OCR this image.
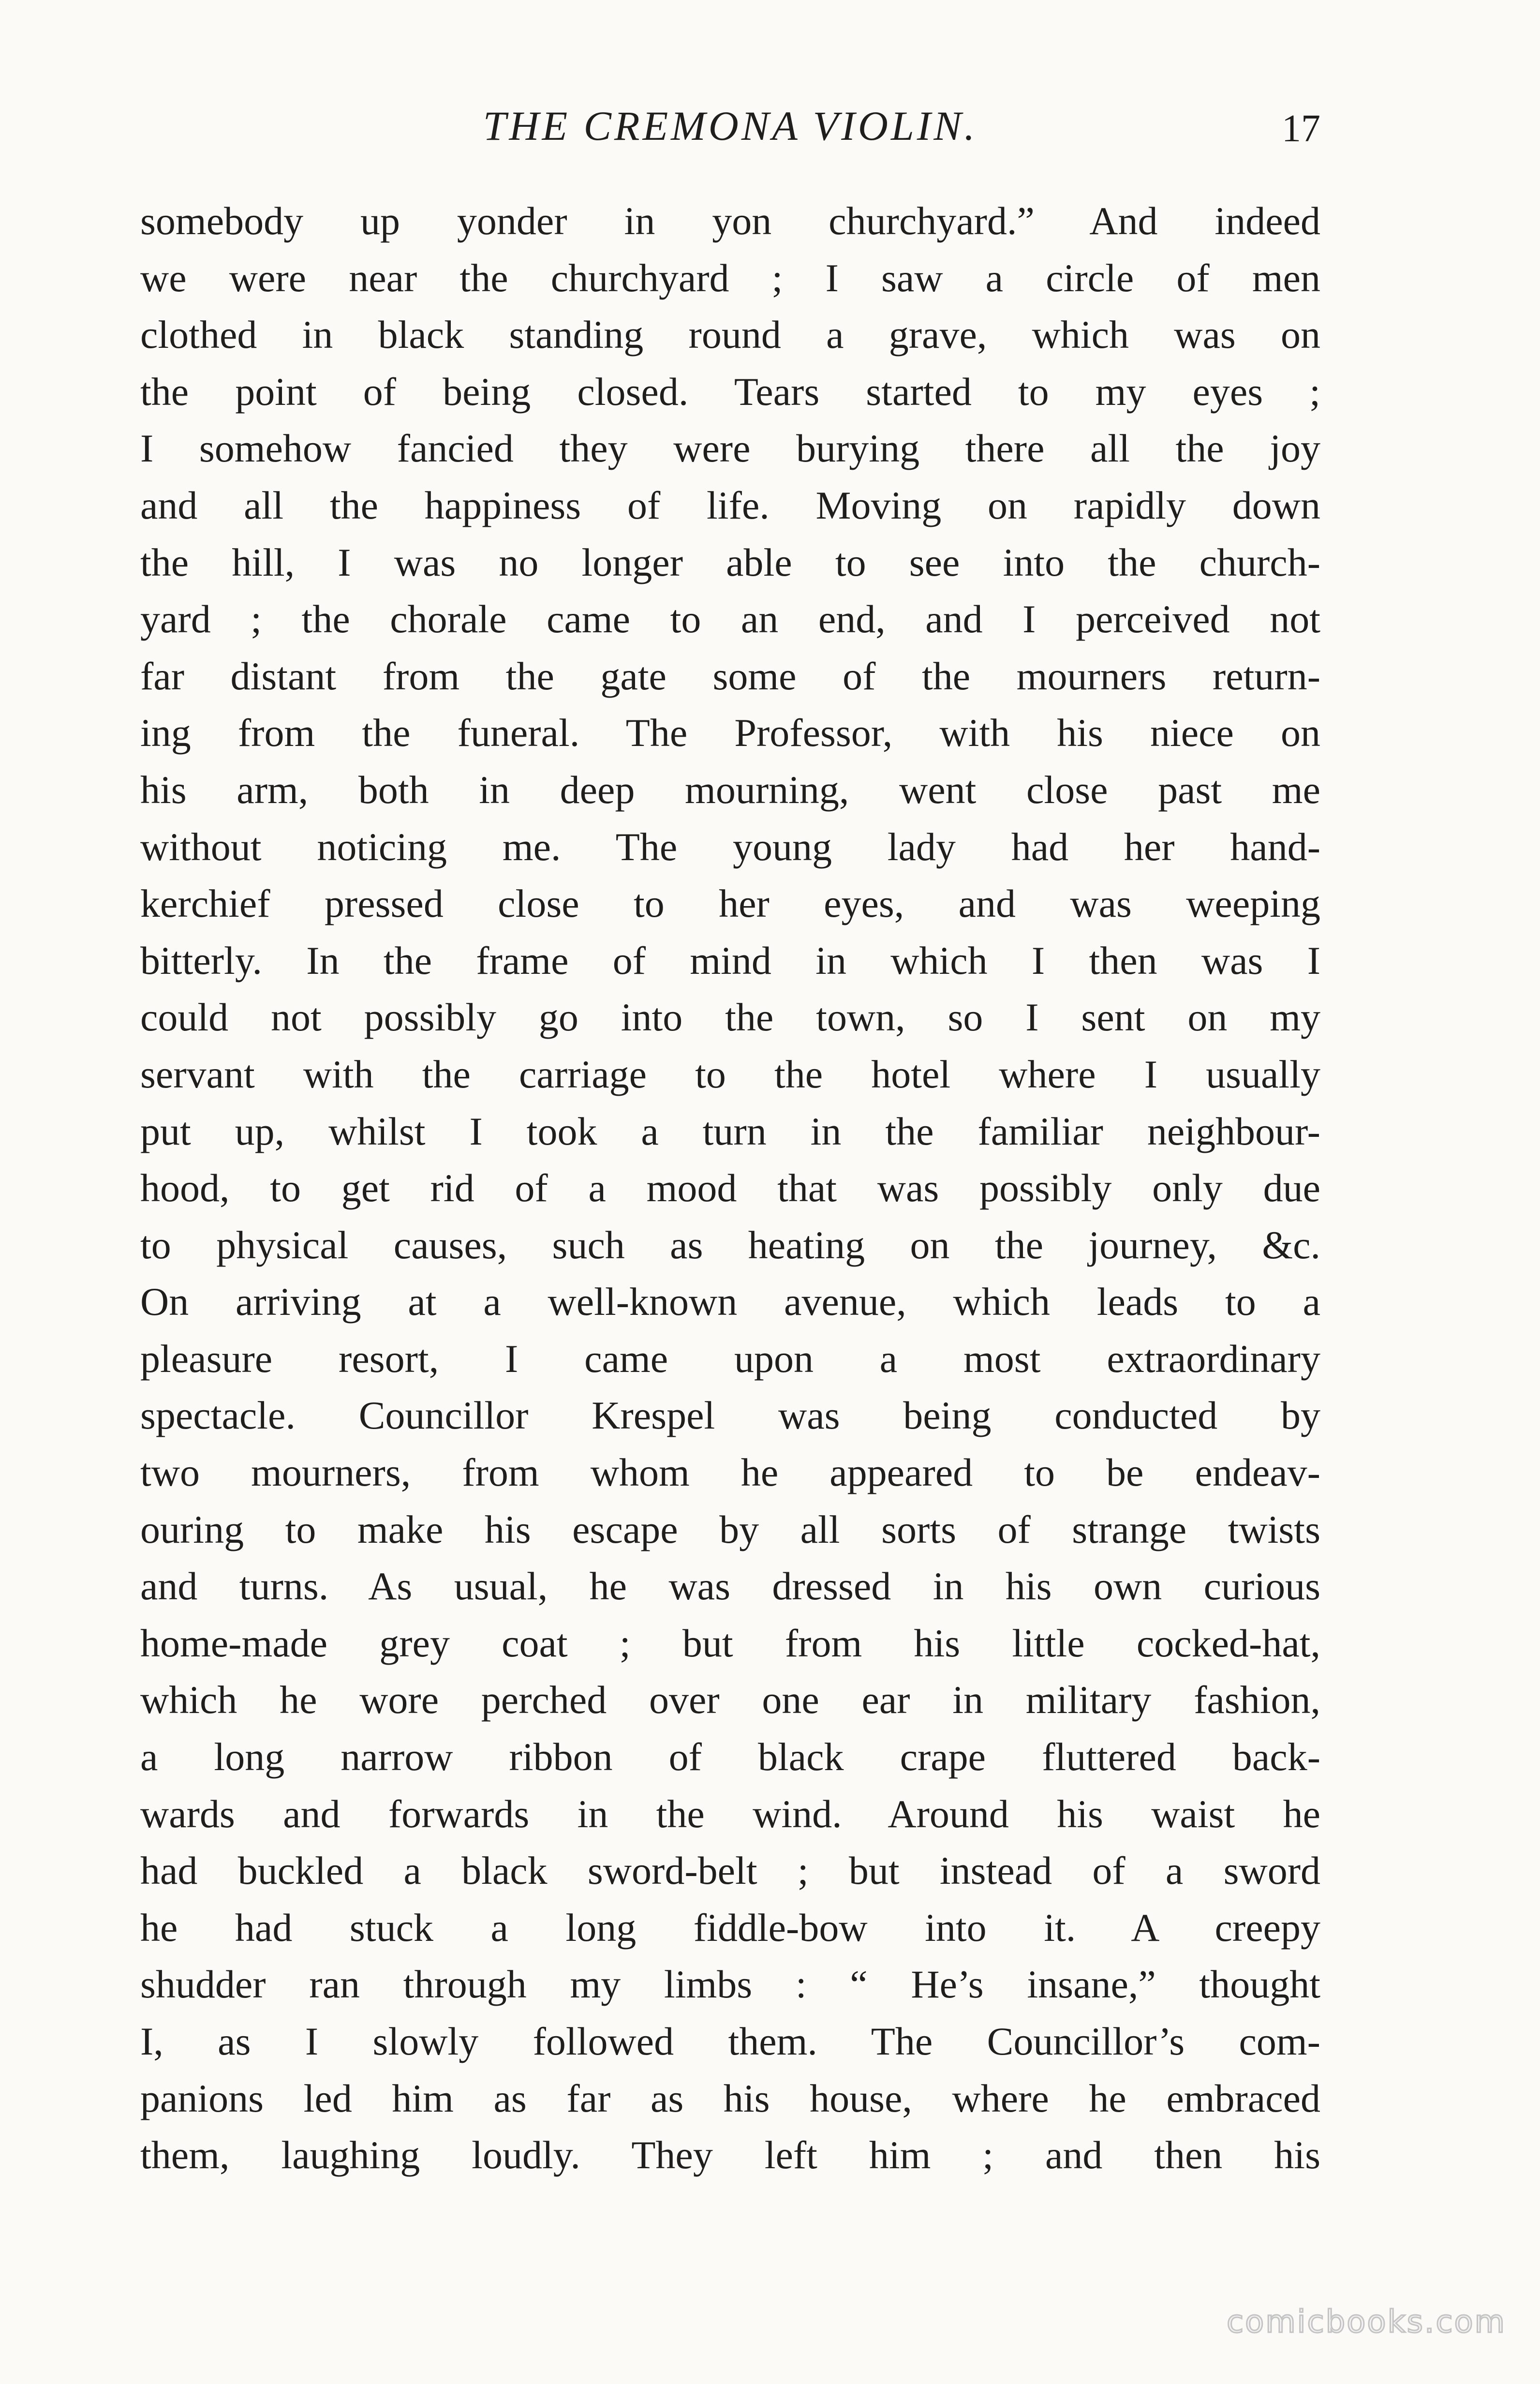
THE CREMONA VIOLIN.	17
somebody up yonder in yon churchyard.” And indeed
we were near the churchyard ; I saw a circle of men
clothed in black standing round a grave, which was on
the point of being closed. Tears started to my eyes ;
I somehow fancied they were burying there all the joy
and all the happiness of life. Moving on rapidly down
the hill, I was no longer able to see into the church-
yard ; the chorale came to an end, and I perceived not
far distant from the gate some of the mourners return-
ing from the funeral. The Professor, with his niece on
his arm, both in deep mourning, went close past me
without noticing me. The young lady had her hand-
kerchief pressed close to her eyes, and was weeping
bitterly. In the frame of mind in which I then was I
could not possibly go into the town, so I sent on my
servant with the carriage to the hotel where I usually
put up, whilst I took a turn in the familiar neighbour-
hood, to get rid of a mood that was possibly only due
to physical causes, such as heating on the journey, &c.
On arriving at a well-known avenue, which leads to a
pleasure resort, I came upon a most extraordinary
spectacle. Councillor Krespel was being conducted by
two mourners, from whom he appeared to be endeav-
ouring to make his escape by all sorts of strange twists
and turns. As usual, he was dressed in his own curious
home-made grey coat ; but from his little cocked-hat,
which he wore perched over one ear in military fashion,
a long narrow ribbon of black crape fluttered back-
wards and forwards in the wind. Around his waist he
had buckled a black sword-belt ; but instead of a sword
he had stuck a long fiddle-bow into it. A creepy
shudder ran through my limbs : “ He’s insane,” thought
I, as I slowly followed them. The Councillor’s com-
panions led him as far as his house, where he embraced
them, laughing loudly. They left him ; and then his
comicbooks.com
